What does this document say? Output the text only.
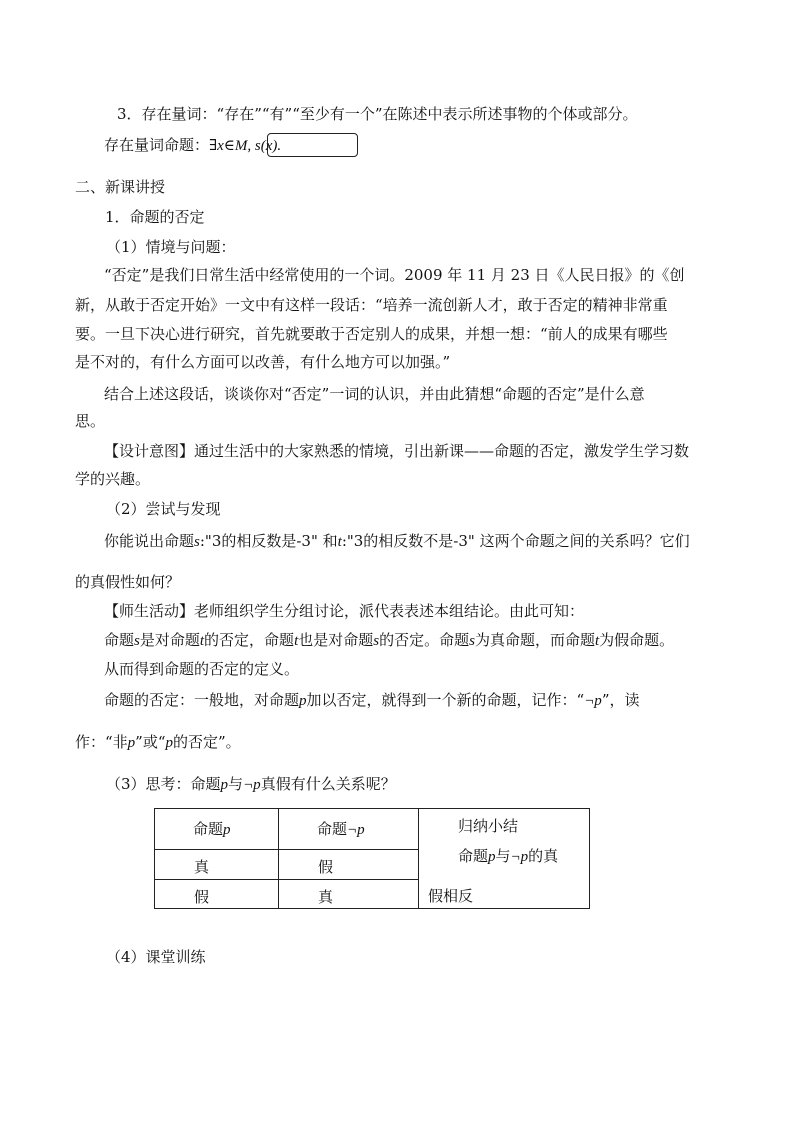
3．存在量词：“存在”“有”“至少有一个”在陈述中表示所述事物的个体或部分。
存在量词命题：∃x∈M, s(x).
二、新课讲授
1．命题的否定
（1）情境与问题：
“否定”是我们日常生活中经常使用的一个词。2009 年 11 月 23 日《人民日报》的《创
新，从敢于否定开始》一文中有这样一段话：“培养一流创新人才，敢于否定的精神非常重
要。一旦下决心进行研究，首先就要敢于否定别人的成果，并想一想：“前人的成果有哪些
是不对的，有什么方面可以改善，有什么地方可以加强。”
结合上述这段话，谈谈你对“否定”一词的认识，并由此猜想“命题的否定”是什么意
思。
【设计意图】通过生活中的大家熟悉的情境，引出新课——命题的否定，激发学生学习数
学的兴趣。
（2）尝试与发现
你能说出命题s:"3的相反数是-3" 和t:"3的相反数不是-3" 这两个命题之间的关系吗？它们
的真假性如何？
【师生活动】老师组织学生分组讨论，派代表表述本组结论。由此可知：
命题s是对命题t的否定，命题t也是对命题s的否定。命题s为真命题，而命题t为假命题。
从而得到命题的否定的定义。
命题的否定：一般地，对命题p加以否定，就得到一个新的命题，记作：“¬p”，读
作：“非p”或“p的否定”。
（3）思考：命题p与¬p真假有什么关系呢？
命题p	命题¬p
真	假
假	真
归纳小结
命题p与¬p的真
假相反
（4）课堂训练
